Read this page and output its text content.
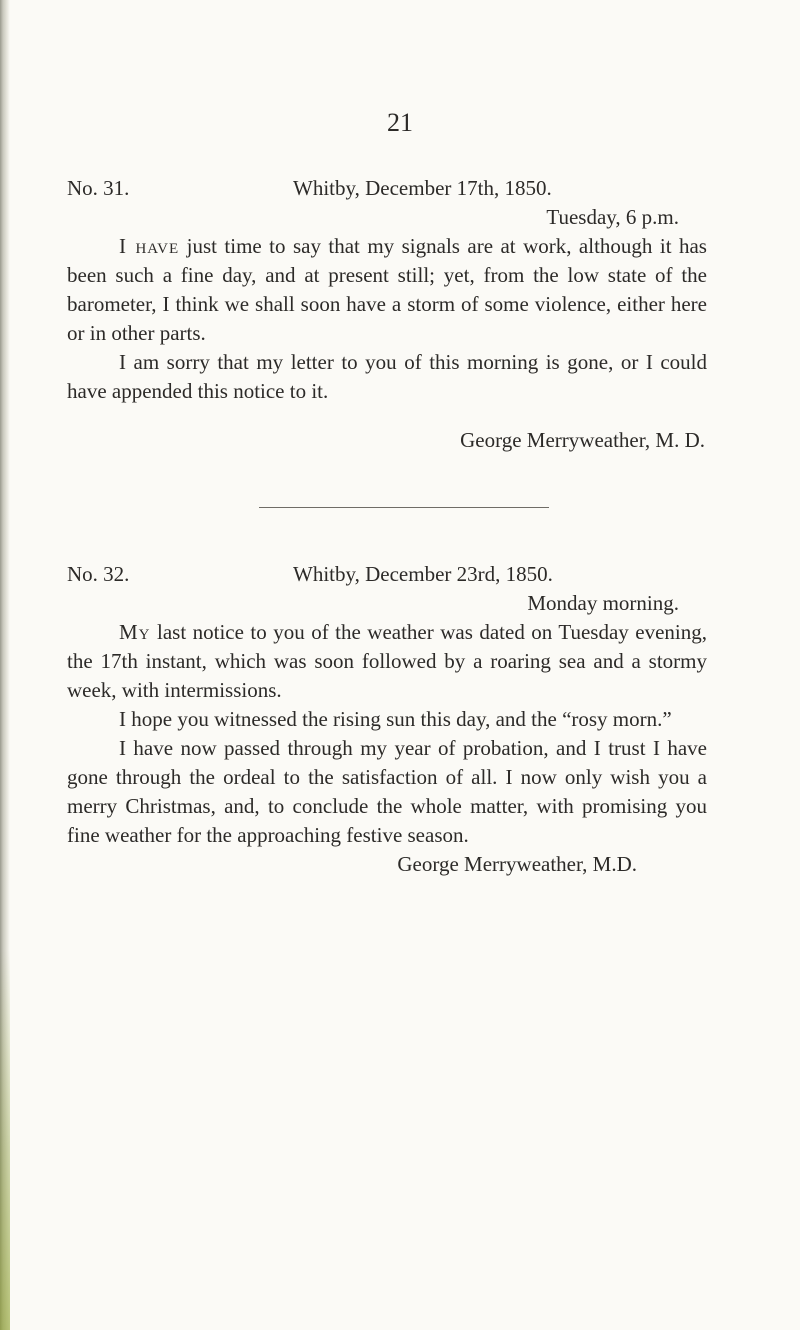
21
No. 31.	Whitby, December 17th, 1850.
Tuesday, 6 p.m.

I have just time to say that my signals are at work, although it has been such a fine day, and at present still; yet, from the low state of the barometer, I think we shall soon have a storm of some violence, either here or in other parts.

I am sorry that my letter to you of this morning is gone, or I could have appended this notice to it.

George Merryweather, M. D.
No. 32.	Whitby, December 23rd, 1850.
Monday morning.

My last notice to you of the weather was dated on Tuesday evening, the 17th instant, which was soon followed by a roaring sea and a stormy week, with intermissions.

I hope you witnessed the rising sun this day, and the “rosy morn.”

I have now passed through my year of probation, and I trust I have gone through the ordeal to the satisfaction of all. I now only wish you a merry Christmas, and, to conclude the whole matter, with promising you fine weather for the approaching festive season.

George Merryweather, M.D.
